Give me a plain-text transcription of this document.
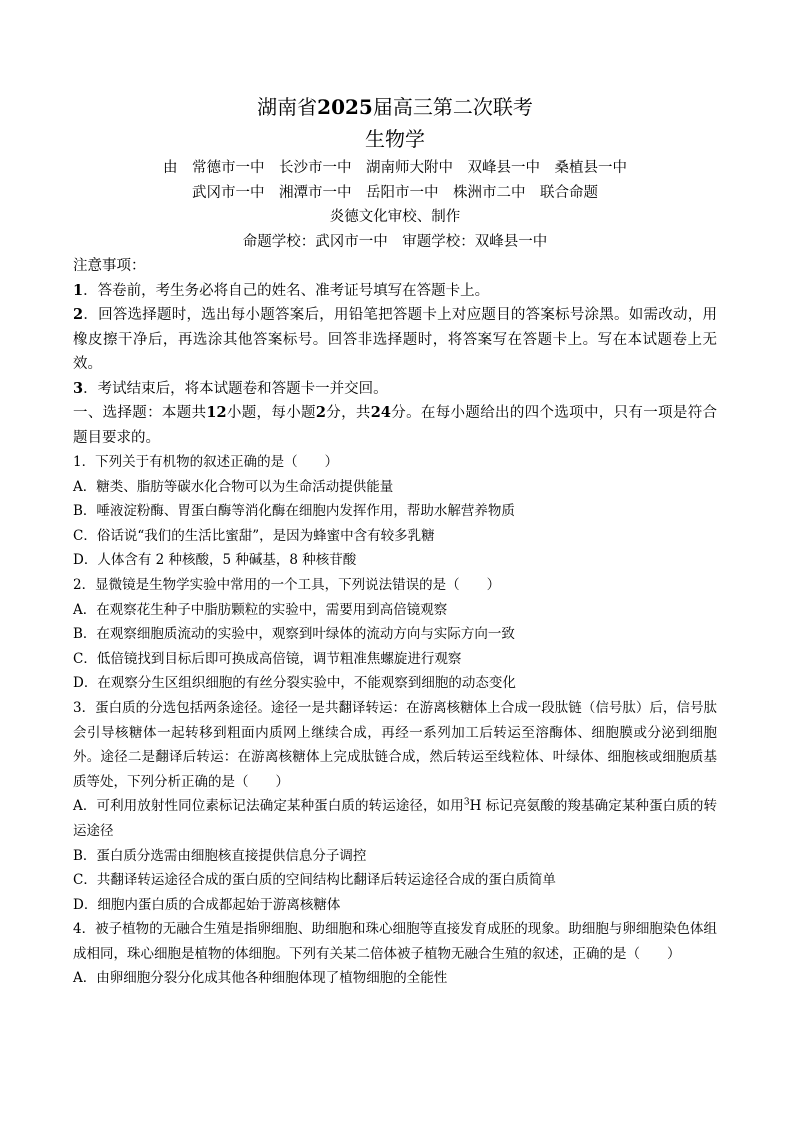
湖南省2025届高三第二次联考
生物学
由　常德市一中　长沙市一中　湖南师大附中　双峰县一中　桑植县一中
武冈市一中　湘潭市一中　岳阳市一中　株洲市二中　联合命题
炎德文化审校、制作
命题学校：武冈市一中　审题学校：双峰县一中

注意事项：

1．答卷前，考生务必将自己的姓名、准考证号填写在答题卡上。

2．回答选择题时，选出每小题答案后，用铅笔把答题卡上对应题目的答案标号涂黑。如需改动，用橡皮擦干净后，再选涂其他答案标号。回答非选择题时，将答案写在答题卡上。写在本试题卷上无效。

3．考试结束后，将本试题卷和答题卡一并交回。

一、选择题：本题共12小题，每小题2分，共24分。在每小题给出的四个选项中，只有一项是符合题目要求的。

1．下列关于有机物的叙述正确的是（　　）

A．糖类、脂肪等碳水化合物可以为生命活动提供能量

B．唾液淀粉酶、胃蛋白酶等消化酶在细胞内发挥作用，帮助水解营养物质

C．俗话说“我们的生活比蜜甜”，是因为蜂蜜中含有较多乳糖

D．人体含有 2 种核酸，5 种碱基，8 种核苷酸

2．显微镜是生物学实验中常用的一个工具，下列说法错误的是（　　）

A．在观察花生种子中脂肪颗粒的实验中，需要用到高倍镜观察

B．在观察细胞质流动的实验中，观察到叶绿体的流动方向与实际方向一致

C．低倍镜找到目标后即可换成高倍镜，调节粗准焦螺旋进行观察

D．在观察分生区组织细胞的有丝分裂实验中，不能观察到细胞的动态变化

3．蛋白质的分选包括两条途径。途径一是共翻译转运：在游离核糖体上合成一段肽链（信号肽）后，信号肽会引导核糖体一起转移到粗面内质网上继续合成，再经一系列加工后转运至溶酶体、细胞膜或分泌到细胞外。途径二是翻译后转运：在游离核糖体上完成肽链合成，然后转运至线粒体、叶绿体、细胞核或细胞质基质等处，下列分析正确的是（　　）

A．可利用放射性同位素标记法确定某种蛋白质的转运途径，如用$^3$H 标记亮氨酸的羧基确定某种蛋白质的转运途径

B．蛋白质分选需由细胞核直接提供信息分子调控

C．共翻译转运途径合成的蛋白质的空间结构比翻译后转运途径合成的蛋白质简单

D．细胞内蛋白质的合成都起始于游离核糖体

4．被子植物的无融合生殖是指卵细胞、助细胞和珠心细胞等直接发育成胚的现象。助细胞与卵细胞染色体组成相同，珠心细胞是植物的体细胞。下列有关某二倍体被子植物无融合生殖的叙述，正确的是（　　）

A．由卵细胞分裂分化成其他各种细胞体现了植物细胞的全能性
